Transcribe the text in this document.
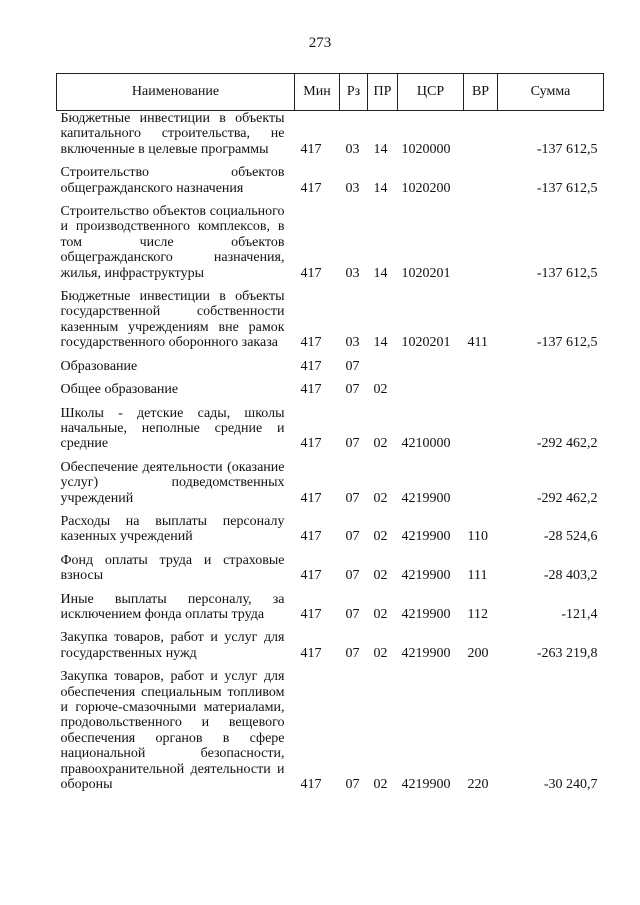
273
Наименование	Мин	Рз	ПР	ЦСР	ВР	Сумма
Бюджетные инвестиции в объекты капитального строительства, не включенные в целевые программы	417	03	14	1020000		-137 612,5
Строительство объектов общегражданского назначения	417	03	14	1020200		-137 612,5
Строительство объектов социального и производственного комплексов, в том числе объектов общегражданского назначения, жилья, инфраструктуры	417	03	14	1020201		-137 612,5
Бюджетные инвестиции в объекты государственной собственности казенным учреждениям вне рамок государственного оборонного заказа	417	03	14	1020201	411	-137 612,5
Образование	417	07				
Общее образование	417	07	02			
Школы - детские сады, школы начальные, неполные средние и средние	417	07	02	4210000		-292 462,2
Обеспечение деятельности (оказание услуг) подведомственных учреждений	417	07	02	4219900		-292 462,2
Расходы на выплаты персоналу казенных учреждений	417	07	02	4219900	110	-28 524,6
Фонд оплаты труда и страховые взносы	417	07	02	4219900	111	-28 403,2
Иные выплаты персоналу, за исключением фонда оплаты труда	417	07	02	4219900	112	-121,4
Закупка товаров, работ и услуг для государственных нужд	417	07	02	4219900	200	-263 219,8
Закупка товаров, работ и услуг для обеспечения специальным топливом и горюче-смазочными материалами, продовольственного и вещевого обеспечения органов в сфере национальной безопасности, правоохранительной деятельности и обороны	417	07	02	4219900	220	-30 240,7
